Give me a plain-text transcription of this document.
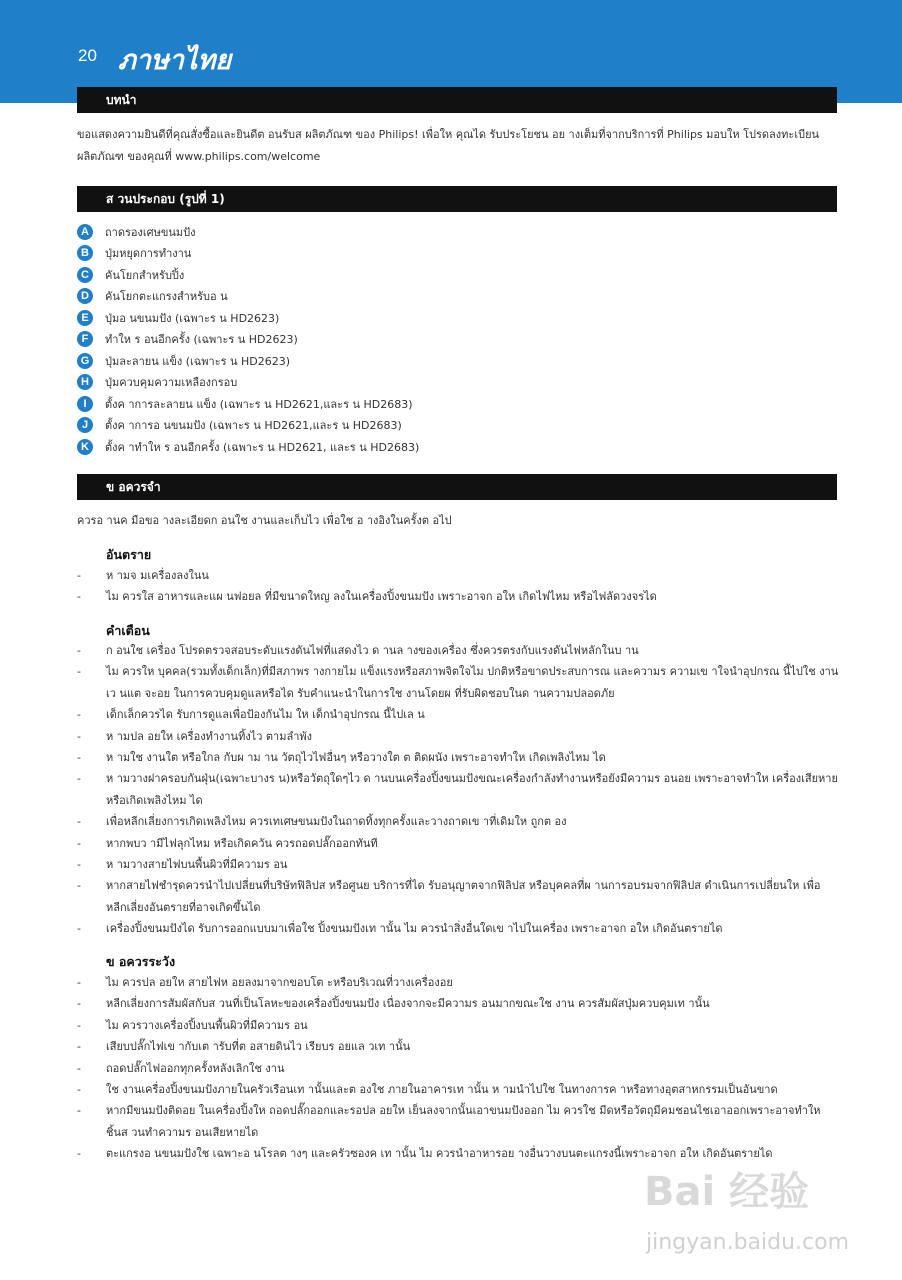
20 ภาษาไทย
บทนำ
ขอแสดงความยินดีที่คุณสั่งซื้อและยินดีต อนรับส ผลิตภัณฑ ของ Philips! เพื่อให คุณได รับประโยชน อย างเต็มที่จากบริการที่ Philips มอบให โปรดลงทะเบียนผลิตภัณฑ ของคุณที่ www.philips.com/welcome
ส วนประกอบ (รูปที่ 1)
A	ถาดรองเศษขนมปัง
B	ปุ่มหยุดการทำงาน
C	คันโยกสำหรับปิ้ง
D	คันโยกตะแกรงสำหรับอ น
E	ปุ่มอ นขนมปัง (เฉพาะร น HD2623)
F	ทำให ร อนอีกครั้ง (เฉพาะร น HD2623)
G	ปุ่มละลายน แข็ง (เฉพาะร น HD2623)
H	ปุ่มควบคุมความเหลืองกรอบ
I	ตั้งค าการละลายน แข็ง (เฉพาะร น HD2621,และร น HD2683)
J	ตั้งค าการอ นขนมปัง (เฉพาะร น HD2621,และร น HD2683)
K	ตั้งค าทำให ร อนอีกครั้ง (เฉพาะร น HD2621, และร น HD2683)
ข อควรจำ
ควรอ านค มือขอ างละเอียดก อนใช งานและเก็บไว เพื่อใช อ างอิงในครั้งต อไป
อันตราย
- ห ามจ มเครื่องลงในน
- ไม ควรใส อาหารและแผ นฟอยล ที่มีขนาดใหญ ลงในเครื่องปิ้งขนมปัง เพราะอาจก อให เกิดไฟไหม หรือไฟลัดวงจรได
คำเตือน
- ก อนใช เครื่อง โปรดตรวจสอบระดับแรงดันไฟที่แสดงไว ด านล างของเครื่อง ซึ่งควรตรงกับแรงดันไฟหลักในบ าน
- ไม ควรให บุคคล(รวมทั้งเด็กเล็ก)ที่มีสภาพร างกายไม แข็งแรงหรือสภาพจิตใจไม ปกติหรือขาดประสบการณ และความร ความเข าใจนำอุปกรณ นี้ไปใช งานเว นแต จะอย ในการควบคุมดูแลหรือได รับคำแนะนำในการใช งานโดยผ ที่รับผิดชอบในด านความปลอดภัย
- เด็กเล็กควรได รับการดูแลเพื่อป้องกันไม ให เด็กนำอุปกรณ นี้ไปเล น
- ห ามปล อยให เครื่องทำงานทิ้งไว ตามลำพัง
- ห ามใช งานใต หรือใกล กับผ าม าน วัตถุไวไฟอื่นๆ หรือวางใต ต ติดผนัง เพราะอาจทำให เกิดเพลิงไหม ได
- ห ามวางฝาครอบกันฝุ่น(เฉพาะบางร น)หรือวัตถุใดๆไว ด านบนเครื่องปิ้งขนมปังขณะเครื่องกำลังทำงานหรือยังมีความร อนอย เพราะอาจทำให เครื่องเสียหายหรือเกิดเพลิงไหม ได
- เพื่อหลีกเลี่ยงการเกิดเพลิงไหม ควรเทเศษขนมปังในถาดทิ้งทุกครั้งและวางถาดเข าที่เดิมให ถูกต อง
- หากพบว ามีไฟลุกไหม หรือเกิดควัน ควรถอดปลั๊กออกทันที
- ห ามวางสายไฟบนพื้นผิวที่มีความร อน
- หากสายไฟชำรุดควรนำไปเปลี่ยนที่บริษัทฟิลิปส หรือศูนย บริการที่ได รับอนุญาตจากฟิลิปส หรือบุคคลที่ผ านการอบรมจากฟิลิปส ดำเนินการเปลี่ยนให เพื่อหลีกเลี่ยงอันตรายที่อาจเกิดขึ้นได
- เครื่องปิ้งขนมปังได รับการออกแบบมาเพื่อใช ปิ้งขนมปังเท านั้น ไม ควรนำสิ่งอื่นใดเข าไปในเครื่อง เพราะอาจก อให เกิดอันตรายได
ข อควรระวัง
- ไม ควรปล อยให สายไฟห อยลงมาจากขอบโต ะหรือบริเวณที่วางเครื่องอย
- หลีกเลี่ยงการสัมผัสกับส วนที่เป็นโลหะของเครื่องปิ้งขนมปัง เนื่องจากจะมีความร อนมากขณะใช งาน ควรสัมผัสปุ่มควบคุมเท านั้น
- ไม ควรวางเครื่องปิ้งบนพื้นผิวที่มีความร อน
- เสียบปลั๊กไฟเข ากับเต ารับที่ต อสายดินไว เรียบร อยแล วเท านั้น
- ถอดปลั๊กไฟออกทุกครั้งหลังเลิกใช งาน
- ใช งานเครื่องปิ้งขนมปังภายในครัวเรือนเท านั้นและต องใช ภายในอาคารเท านั้น ห ามนำไปใช ในทางการค าหรือทางอุตสาหกรรมเป็นอันขาด
- หากมีขนมปังติดอย ในเครื่องปิ้งให ถอดปลั๊กออกและรอปล อยให เย็นลงจากนั้นเอาขนมปังออก ไม ควรใช มีดหรือวัตถุมีคมชอนไชเอาออกเพราะอาจทำให ชิ้นส วนทำความร อนเสียหายได
- ตะแกรงอ นขนมปังใช เฉพาะอ นโรลต างๆ และครัวซองค เท านั้น ไม ควรนำอาหารอย างอื่นวางบนตะแกรงนี้เพราะอาจก อให เกิดอันตรายได
Bai 经验
jingyan.baidu.com
